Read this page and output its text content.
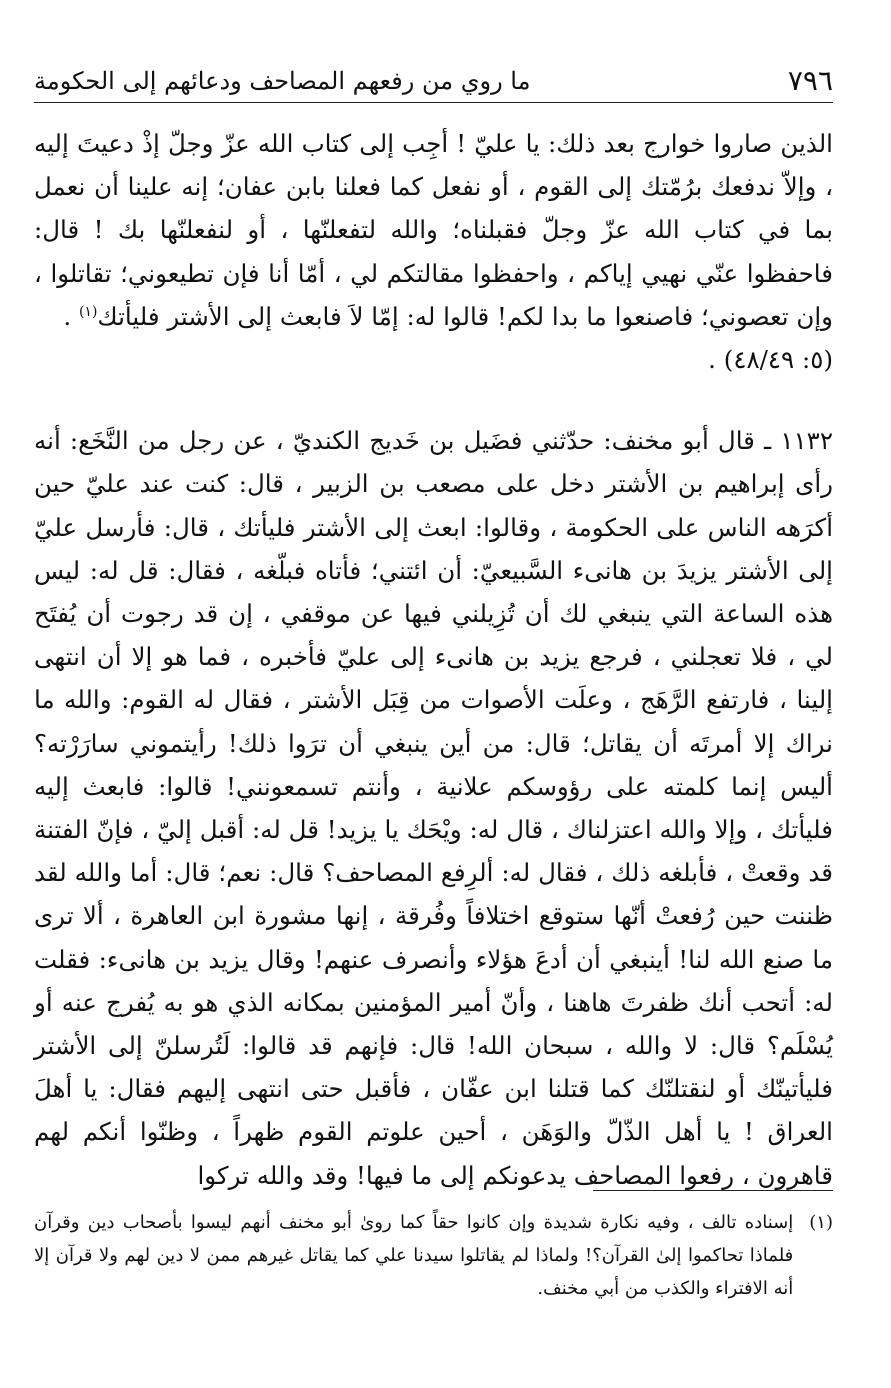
٧٩٦
ما روي من رفعهم المصاحف ودعائهم إلى الحكومة

الذين صاروا خوارج بعد ذلك: يا عليّ ! أجِب إلى كتاب الله عزّ وجلّ إذْ دعيتَ إليه ، وإلاّ ندفعك برُمّتك إلى القوم ، أو نفعل كما فعلنا بابن عفان؛ إنه علينا أن نعمل بما في كتاب الله عزّ وجلّ فقبلناه؛ والله لتفعلنّها ، أو لنفعلنّها بك ! قال: فاحفظوا عنّي نهيي إياكم ، واحفظوا مقالتكم لي ، أمّا أنا فإن تطيعوني؛ تقاتلوا ، وإن تعصوني؛ فاصنعوا ما بدا لكم! قالوا له: إمّا لاَ فابعث إلى الأشتر فليأتك$^{(١)}$ .

(٥: ٤٨/٤٩) .

١١٣٢ ـ قال أبو مخنف: حدّثني فضَيل بن خَديج الكنديّ ، عن رجل من النَّخَع: أنه رأى إبراهيم بن الأشتر دخل على مصعب بن الزبير ، قال: كنت عند عليّ حين أكرَهه الناس على الحكومة ، وقالوا: ابعث إلى الأشتر فليأتك ، قال: فأرسل عليّ إلى الأشتر يزيدَ بن هانىء السَّبيعيّ: أن ائتني؛ فأتاه فبلّغه ، فقال: قل له: ليس هذه الساعة التي ينبغي لك أن تُزِيلني فيها عن موقفي ، إن قد رجوت أن يُفتَح لي ، فلا تعجلني ، فرجع يزيد بن هانىء إلى عليّ فأخبره ، فما هو إلا أن انتهى إلينا ، فارتفع الرَّهَج ، وعلَت الأصوات من قِبَل الأشتر ، فقال له القوم: والله ما نراك إلا أمرتَه أن يقاتل؛ قال: من أين ينبغي أن ترَوا ذلك! رأيتموني سارَرْته؟ أليس إنما كلمته على رؤوسكم علانية ، وأنتم تسمعونني! قالوا: فابعث إليه فليأتك ، وإلا والله اعتزلناك ، قال له: ويْحَك يا يزيد! قل له: أقبل إليّ ، فإنّ الفتنة قد وقعتْ ، فأبلغه ذلك ، فقال له: ألرِفع المصاحف؟ قال: نعم؛ قال: أما والله لقد ظننت حين رُفعتْ أنّها ستوقع اختلافاً وفُرقة ، إنها مشورة ابن العاهرة ، ألا ترى ما صنع الله لنا! أينبغي أن أدعَ هؤلاء وأنصرف عنهم! وقال يزيد بن هانىء: فقلت له: أتحب أنك ظفرتَ هاهنا ، وأنّ أمير المؤمنين بمكانه الذي هو به يُفرج عنه أو يُسْلَم؟ قال: لا والله ، سبحان الله! قال: فإنهم قد قالوا: لَتُرسلنّ إلى الأشتر فليأتينّك أو لنقتلنّك كما قتلنا ابن عفّان ، فأقبل حتى انتهى إليهم فقال: يا أهلَ العراق ! يا أهل الذّلّ والوَهَن ، أحين علوتم القوم ظهراً ، وظنّوا أنكم لهم قاهرون ، رفعوا المصاحف يدعونكم إلى ما فيها! وقد والله تركوا

(١)
إسناده تالف ، وفيه نكارة شديدة وإن كانوا حقاً كما روىٰ أبو مخنف أنهم ليسوا بأصحاب دين وقرآن فلماذا تحاكموا إلىٰ القرآن؟! ولماذا لم يقاتلوا سيدنا علي كما يقاتل غيرهم ممن لا دين لهم ولا قرآن إلا أنه الافتراء والكذب من أبي مخنف.
